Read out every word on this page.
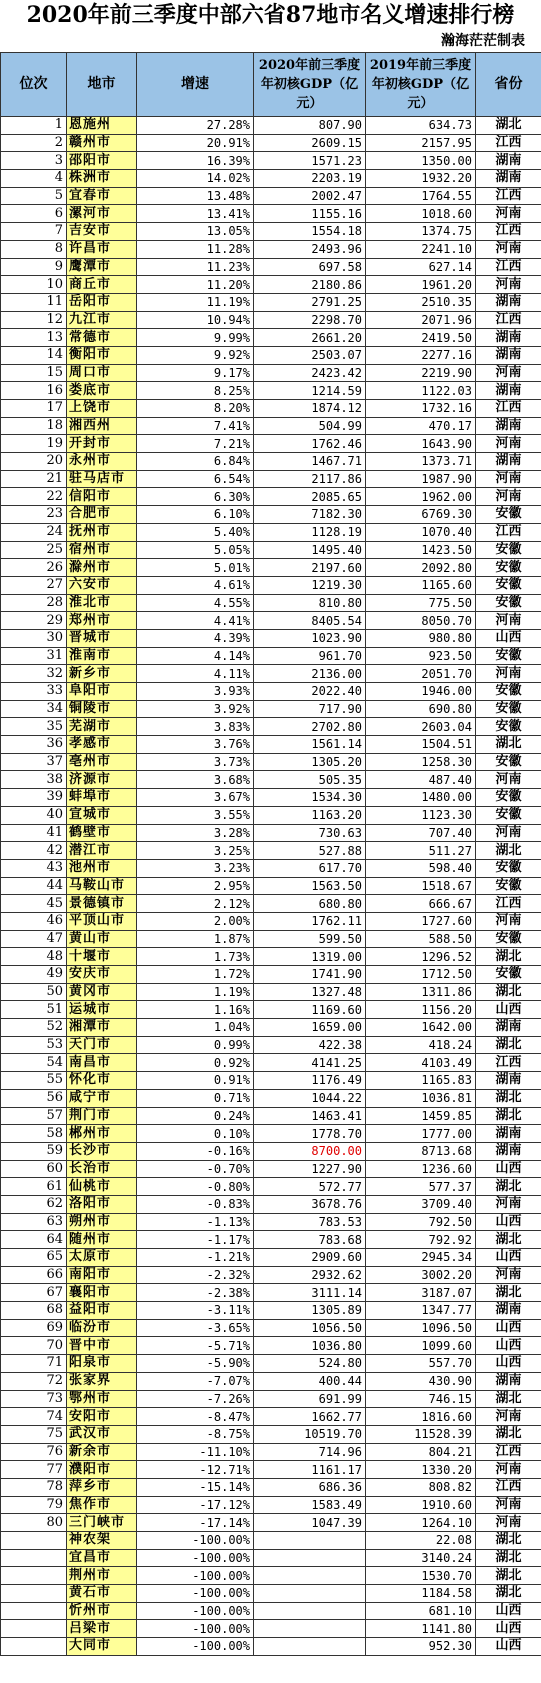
2020年前三季度中部六省87地市名义增速排行榜
瀚海茫茫制表
位次	地市	增速	2020年前三季度年初核GDP（亿元）	2019年前三季度年初核GDP（亿元）	省份
1	恩施州	27.28%	807.90	634.73	湖北
2	赣州市	20.91%	2609.15	2157.95	江西
3	邵阳市	16.39%	1571.23	1350.00	湖南
4	株洲市	14.02%	2203.19	1932.20	湖南
5	宜春市	13.48%	2002.47	1764.55	江西
6	漯河市	13.41%	1155.16	1018.60	河南
7	吉安市	13.05%	1554.18	1374.75	江西
8	许昌市	11.28%	2493.96	2241.10	河南
9	鹰潭市	11.23%	697.58	627.14	江西
10	商丘市	11.20%	2180.86	1961.20	河南
11	岳阳市	11.19%	2791.25	2510.35	湖南
12	九江市	10.94%	2298.70	2071.96	江西
13	常德市	9.99%	2661.20	2419.50	湖南
14	衡阳市	9.92%	2503.07	2277.16	湖南
15	周口市	9.17%	2423.42	2219.90	河南
16	娄底市	8.25%	1214.59	1122.03	湖南
17	上饶市	8.20%	1874.12	1732.16	江西
18	湘西州	7.41%	504.99	470.17	湖南
19	开封市	7.21%	1762.46	1643.90	河南
20	永州市	6.84%	1467.71	1373.71	湖南
21	驻马店市	6.54%	2117.86	1987.90	河南
22	信阳市	6.30%	2085.65	1962.00	河南
23	合肥市	6.10%	7182.30	6769.30	安徽
24	抚州市	5.40%	1128.19	1070.40	江西
25	宿州市	5.05%	1495.40	1423.50	安徽
26	滁州市	5.01%	2197.60	2092.80	安徽
27	六安市	4.61%	1219.30	1165.60	安徽
28	淮北市	4.55%	810.80	775.50	安徽
29	郑州市	4.41%	8405.54	8050.70	河南
30	晋城市	4.39%	1023.90	980.80	山西
31	淮南市	4.14%	961.70	923.50	安徽
32	新乡市	4.11%	2136.00	2051.70	河南
33	阜阳市	3.93%	2022.40	1946.00	安徽
34	铜陵市	3.92%	717.90	690.80	安徽
35	芜湖市	3.83%	2702.80	2603.04	安徽
36	孝感市	3.76%	1561.14	1504.51	湖北
37	亳州市	3.73%	1305.20	1258.30	安徽
38	济源市	3.68%	505.35	487.40	河南
39	蚌埠市	3.67%	1534.30	1480.00	安徽
40	宣城市	3.55%	1163.20	1123.30	安徽
41	鹤壁市	3.28%	730.63	707.40	河南
42	潜江市	3.25%	527.88	511.27	湖北
43	池州市	3.23%	617.70	598.40	安徽
44	马鞍山市	2.95%	1563.50	1518.67	安徽
45	景德镇市	2.12%	680.80	666.67	江西
46	平顶山市	2.00%	1762.11	1727.60	河南
47	黄山市	1.87%	599.50	588.50	安徽
48	十堰市	1.73%	1319.00	1296.52	湖北
49	安庆市	1.72%	1741.90	1712.50	安徽
50	黄冈市	1.19%	1327.48	1311.86	湖北
51	运城市	1.16%	1169.60	1156.20	山西
52	湘潭市	1.04%	1659.00	1642.00	湖南
53	天门市	0.99%	422.38	418.24	湖北
54	南昌市	0.92%	4141.25	4103.49	江西
55	怀化市	0.91%	1176.49	1165.83	湖南
56	咸宁市	0.71%	1044.22	1036.81	湖北
57	荆门市	0.24%	1463.41	1459.85	湖北
58	郴州市	0.10%	1778.70	1777.00	湖南
59	长沙市	-0.16%	8700.00	8713.68	湖南
60	长治市	-0.70%	1227.90	1236.60	山西
61	仙桃市	-0.80%	572.77	577.37	湖北
62	洛阳市	-0.83%	3678.76	3709.40	河南
63	朔州市	-1.13%	783.53	792.50	山西
64	随州市	-1.17%	783.68	792.92	湖北
65	太原市	-1.21%	2909.60	2945.34	山西
66	南阳市	-2.32%	2932.62	3002.20	河南
67	襄阳市	-2.38%	3111.14	3187.07	湖北
68	益阳市	-3.11%	1305.89	1347.77	湖南
69	临汾市	-3.65%	1056.50	1096.50	山西
70	晋中市	-5.71%	1036.80	1099.60	山西
71	阳泉市	-5.90%	524.80	557.70	山西
72	张家界	-7.07%	400.44	430.90	湖南
73	鄂州市	-7.26%	691.99	746.15	湖北
74	安阳市	-8.47%	1662.77	1816.60	河南
75	武汉市	-8.75%	10519.70	11528.39	湖北
76	新余市	-11.10%	714.96	804.21	江西
77	濮阳市	-12.71%	1161.17	1330.20	河南
78	萍乡市	-15.14%	686.36	808.82	江西
79	焦作市	-17.12%	1583.49	1910.60	河南
80	三门峡市	-17.14%	1047.39	1264.10	河南
	神农架	-100.00%		22.08	湖北
	宜昌市	-100.00%		3140.24	湖北
	荆州市	-100.00%		1530.70	湖北
	黄石市	-100.00%		1184.58	湖北
	忻州市	-100.00%		681.10	山西
	吕梁市	-100.00%		1141.80	山西
	大同市	-100.00%		952.30	山西
